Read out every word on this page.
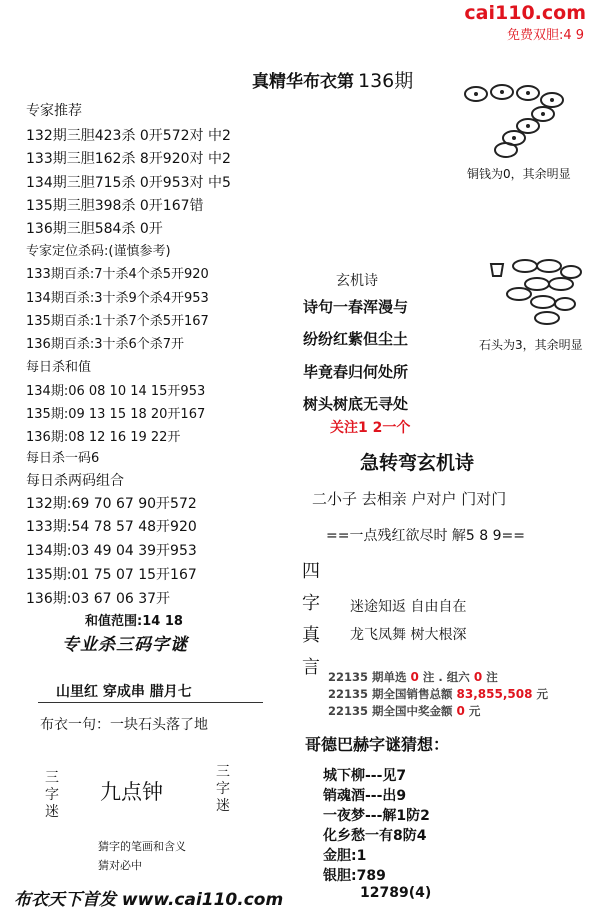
cai110.com
免费双胆:4 9
真精华布衣第 136期
专家推荐
132期三胆423杀 0开572对 中2
133期三胆162杀 8开920对 中2
134期三胆715杀 0开953对 中5
135期三胆398杀 0开167错
136期三胆584杀 0开
专家定位杀码:(谨慎参考)
133期百杀:7十杀4个杀5开920
134期百杀:3十杀9个杀4开953
135期百杀:1十杀7个杀5开167
136期百杀:3十杀6个杀7开
每日杀和值
134期:06 08 10 14 15开953
135期:09 13 15 18 20开167
136期:08 12 16 19 22开
每日杀一码6
每日杀两码组合
132期:69 70 67 90开572
133期:54 78 57 48开920
134期:03 49 04 39开953
135期:01 75 07 15开167
136期:03 67 06 37开
和值范围:14 18
专业杀三码字谜
山里红 穿成串 腊月七
布衣一句：一块石头落了地
三字迷
九点钟
三字迷
猜字的笔画和含义
猜对必中
铜钱为0，其余明显
石头为3，其余明显
玄机诗
诗句一春浑漫与
纷纷红紫但尘土
毕竟春归何处所
树头树底无寻处
关注1 2一个
急转弯玄机诗
二小子 去相亲 户对户 门对门
==一点残红欲尽时 解5 8 9==
四
字
真
言
迷途知返 自由自在
龙飞凤舞 树大根深
22135 期单选 0 注 . 组六 0 注
22135 期全国销售总额 83,855,508 元
22135 期全国中奖金额 0 元
哥德巴赫字谜猜想：
城下柳---见7
销魂酒---出9
一夜梦---解1防2
化乡愁一有8防4
金胆:1
银胆:789
12789(4)
布衣天下首发 www.cai110.com
